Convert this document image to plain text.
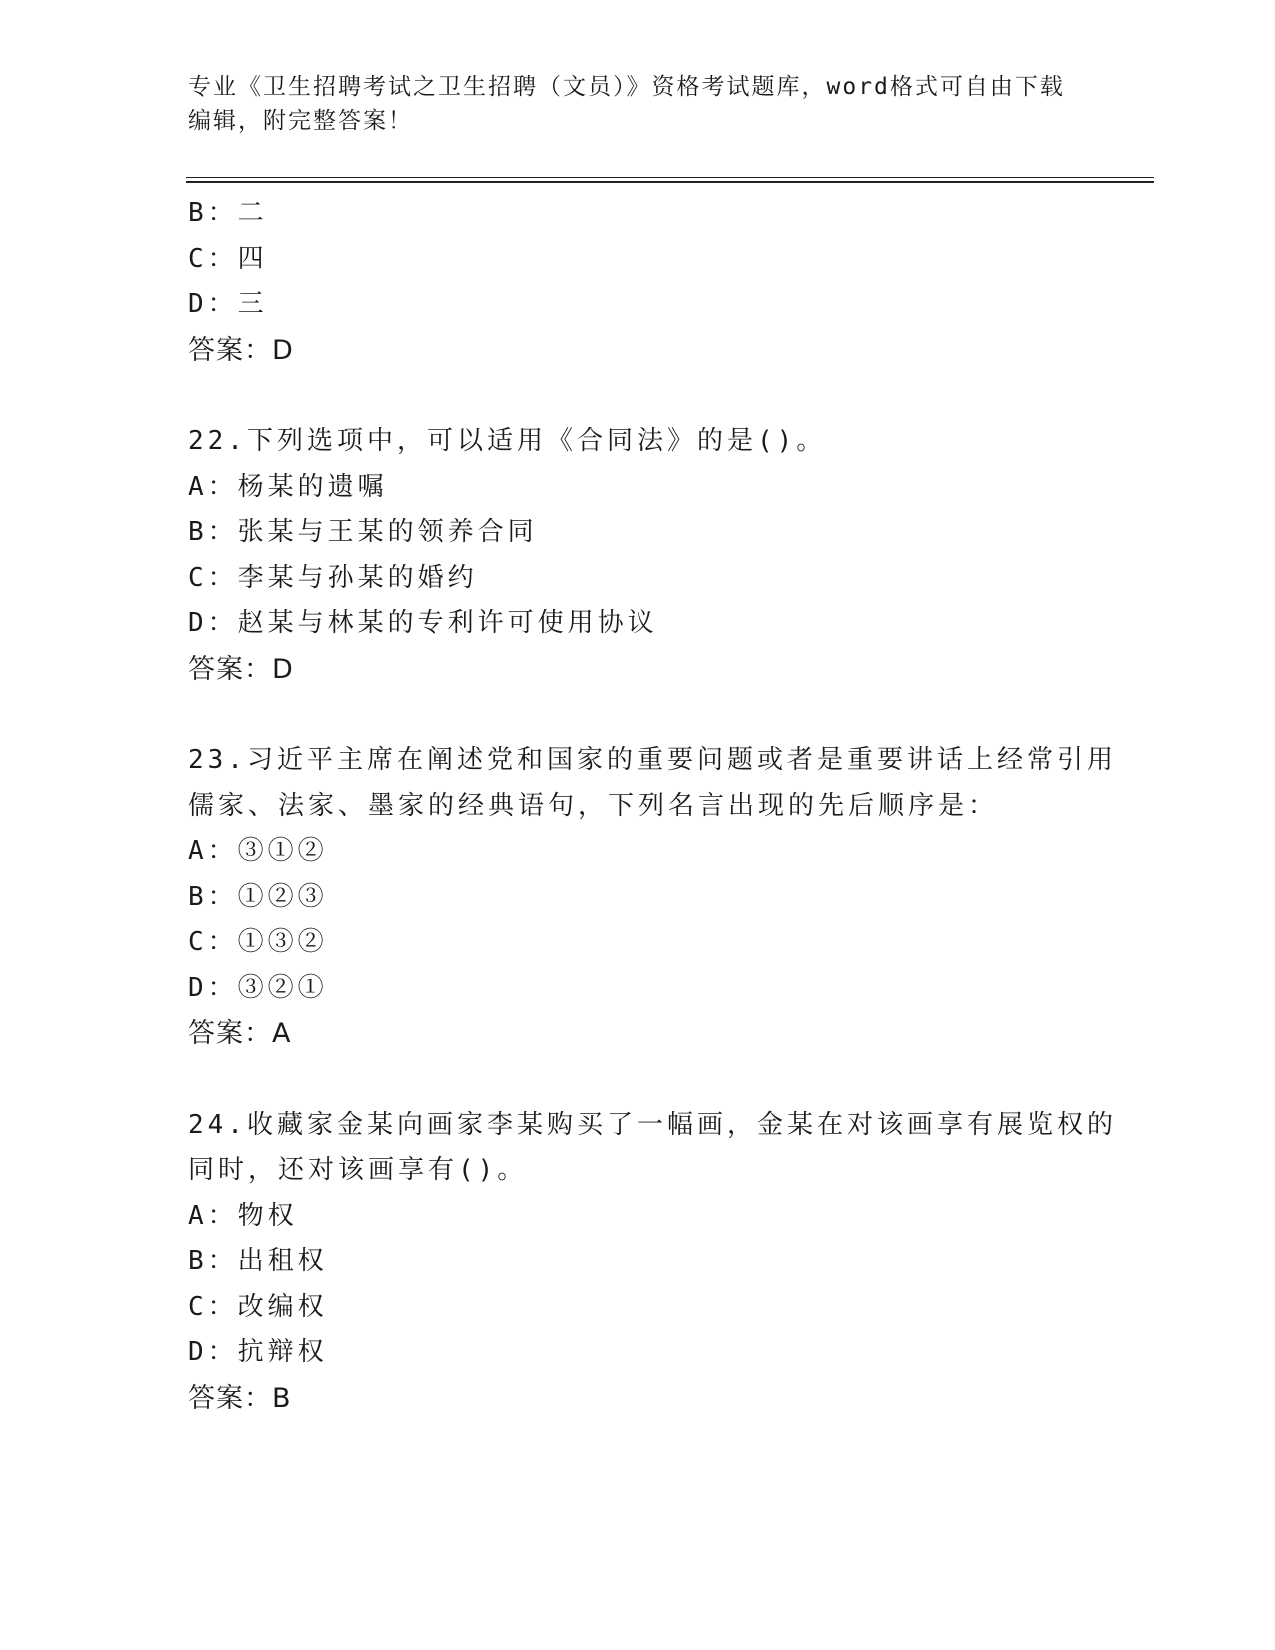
专业《卫生招聘考试之卫生招聘（文员）》资格考试题库，word格式可自由下载
编辑，附完整答案！
B：二
C：四
D：三
答案：D
22.下列选项中，可以适用《合同法》的是()。
A：杨某的遗嘱
B：张某与王某的领养合同
C：李某与孙某的婚约
D：赵某与林某的专利许可使用协议
答案：D
23.习近平主席在阐述党和国家的重要问题或者是重要讲话上经常引用
儒家、法家、墨家的经典语句，下列名言出现的先后顺序是：
A：③①②
B：①②③
C：①③②
D：③②①
答案：A
24.收藏家金某向画家李某购买了一幅画，金某在对该画享有展览权的
同时，还对该画享有()。
A：物权
B：出租权
C：改编权
D：抗辩权
答案：B
